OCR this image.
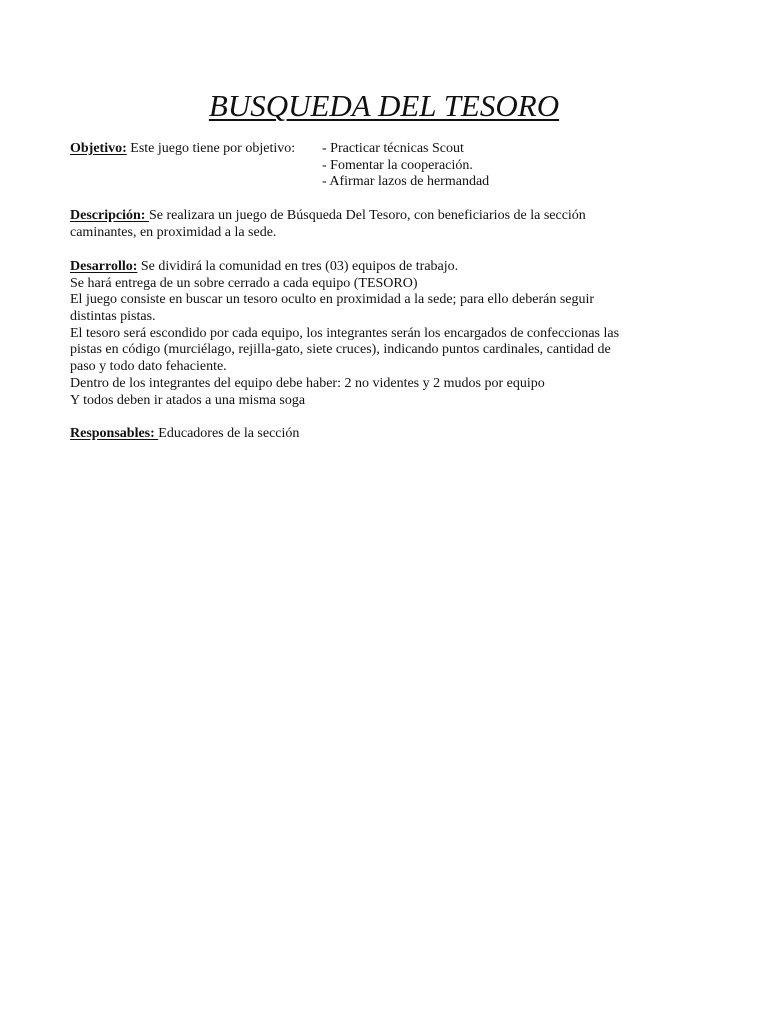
BUSQUEDA DEL TESORO
Objetivo: Este juego tiene por objetivo: - Practicar técnicas Scout
- Fomentar la cooperación.
- Afirmar lazos de hermandad
Descripción: Se realizara un juego de Búsqueda Del Tesoro, con beneficiarios de la sección
caminantes, en proximidad a la sede.
Desarrollo: Se dividirá la comunidad en tres (03) equipos de trabajo.
Se hará entrega de un sobre cerrado a cada equipo (TESORO)
El juego consiste en buscar un tesoro oculto en proximidad a la sede; para ello deberán seguir
distintas pistas.
El tesoro será escondido por cada equipo, los integrantes serán los encargados de confeccionas las
pistas en código (murciélago, rejilla-gato, siete cruces), indicando puntos cardinales, cantidad de
paso y todo dato fehaciente.
Dentro de los integrantes del equipo debe haber: 2 no videntes y 2 mudos por equipo
Y todos deben ir atados a una misma soga
Responsables: Educadores de la sección
